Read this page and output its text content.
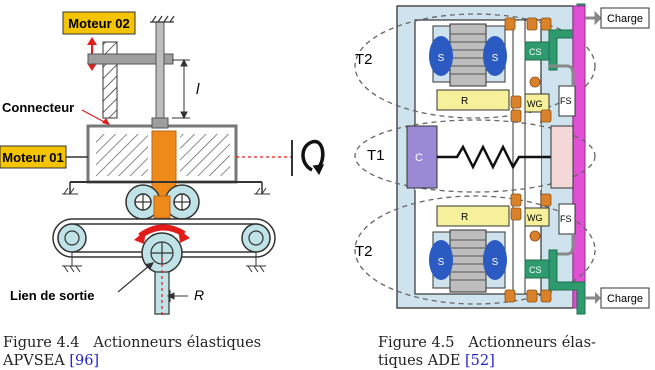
Moteur 02
l
Connecteur
Moteur 01
R
Lien de sortie
Figure 4.4 Actionneurs élastiques
APVSEA [96]
T2	S	S
R
CS
WG FS
Charge
T1	C
T2
R
S	S
WG
CS
FS
Charge
Figure 4.5 Actionneurs élas-
tiques ADE [52]
